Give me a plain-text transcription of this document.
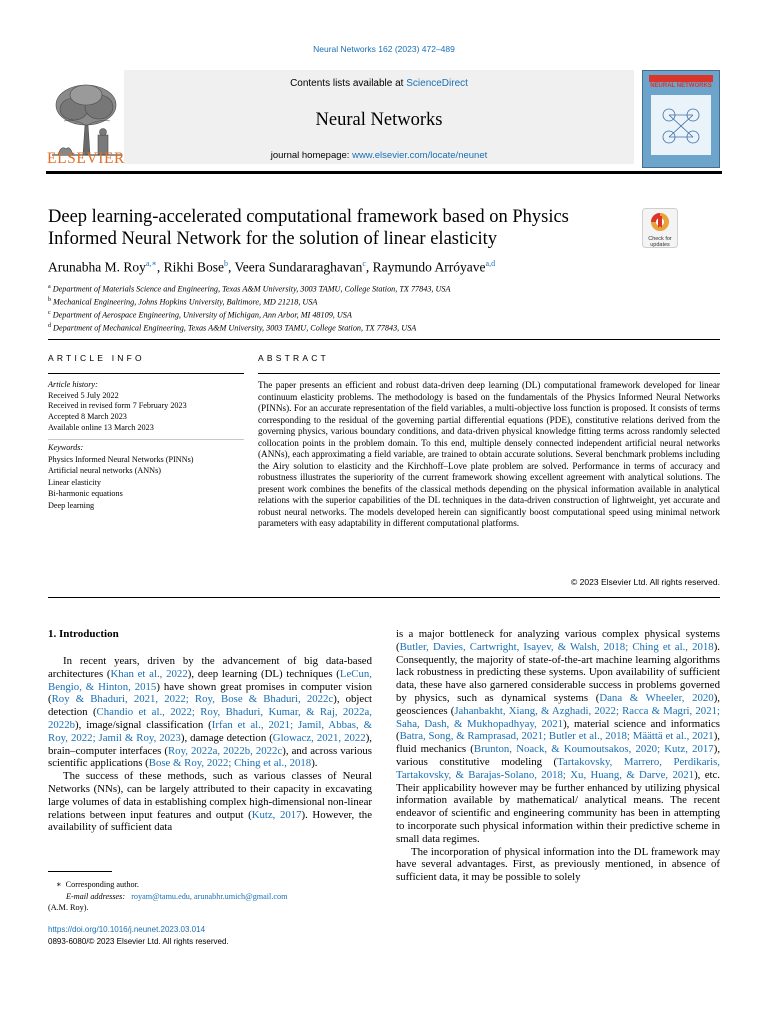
Neural Networks 162 (2023) 472–489
Contents lists available at ScienceDirect
Neural Networks
journal homepage: www.elsevier.com/locate/neunet
ELSEVIER
NEURAL NETWORKS
Deep learning-accelerated computational framework based on Physics Informed Neural Network for the solution of linear elasticity	Check for
updates
Arunabha M. Roy$^{a,∗}$, Rikhi Bose$^b$, Veera Sundararaghavan$^c$, Raymundo Arróyave$^{a,d}$
$^a$ Department of Materials Science and Engineering, Texas A&M University, 3003 TAMU, College Station, TX 77843, USA
$^b$ Mechanical Engineering, Johns Hopkins University, Baltimore, MD 21218, USA
$^c$ Department of Aerospace Engineering, University of Michigan, Ann Arbor, MI 48109, USA
$^d$ Department of Mechanical Engineering, Texas A&M University, 3003 TAMU, College Station, TX 77843, USA
ARTICLE INFO	ABSTRACT
Article history:
Received 5 July 2022
Received in revised form 7 February 2023
Accepted 8 March 2023
Available online 13 March 2023
Keywords:
Physics Informed Neural Networks (PINNs)
Artificial neural networks (ANNs)
Linear elasticity
Bi-harmonic equations
Deep learning
The paper presents an efficient and robust data-driven deep learning (DL) computational framework developed for linear continuum elasticity problems. The methodology is based on the fundamentals of the Physics Informed Neural Networks (PINNs). For an accurate representation of the field variables, a multi-objective loss function is proposed. It consists of terms corresponding to the residual of the governing partial differential equations (PDE), constitutive relations derived from the governing physics, various boundary conditions, and data-driven physical knowledge fitting terms across randomly selected collocation points in the problem domain. To this end, multiple densely connected independent artificial neural networks (ANNs), each approximating a field variable, are trained to obtain accurate solutions. Several benchmark problems including the Airy solution to elasticity and the Kirchhoff–Love plate problem are solved. Performance in terms of accuracy and robustness illustrates the superiority of the current framework showing excellent agreement with analytical solutions. The present work combines the benefits of the classical methods depending on the physical information available in analytical relations with the superior capabilities of the DL techniques in the data-driven construction of lightweight, yet accurate and robust neural networks. The models developed herein can significantly boost computational speed using minimal network parameters with easy adaptability in different computational platforms.
© 2023 Elsevier Ltd. All rights reserved.
1. Introduction

In recent years, driven by the advancement of big data-based architectures (Khan et al., 2022), deep learning (DL) techniques (LeCun, Bengio, & Hinton, 2015) have shown great promises in computer vision (Roy & Bhaduri, 2021, 2022; Roy, Bose & Bhaduri, 2022c), object detection (Chandio et al., 2022; Roy, Bhaduri, Kumar, & Raj, 2022a, 2022b), image/signal classification (Irfan et al., 2021; Jamil, Abbas, & Roy, 2022; Jamil & Roy, 2023), damage detection (Glowacz, 2021, 2022), brain–computer interfaces (Roy, 2022a, 2022b, 2022c), and across various scientific applications (Bose & Roy, 2022; Ching et al., 2018).

The success of these methods, such as various classes of Neural Networks (NNs), can be largely attributed to their capacity in excavating large volumes of data in establishing complex high-dimensional non-linear relations between input features and output (Kutz, 2017). However, the availability of sufficient data

is a major bottleneck for analyzing various complex physical systems (Butler, Davies, Cartwright, Isayev, & Walsh, 2018; Ching et al., 2018). Consequently, the majority of state-of-the-art machine learning algorithms lack robustness in predicting these systems. Upon availability of sufficient data, these have also garnered considerable success in problems governed by physics, such as dynamical systems (Dana & Wheeler, 2020), geosciences (Jahanbakht, Xiang, & Azghadi, 2022; Racca & Magri, 2021; Saha, Dash, & Mukhopadhyay, 2021), material science and informatics (Batra, Song, & Ramprasad, 2021; Butler et al., 2018; Määttä et al., 2021), fluid mechanics (Brunton, Noack, & Koumoutsakos, 2020; Kutz, 2017), various constitutive modeling (Tartakovsky, Marrero, Perdikaris, Tartakovsky, & Barajas-Solano, 2018; Xu, Huang, & Darve, 2021), etc. Their applicability however may be further enhanced by utilizing physical information available by mathematical/ analytical means. The recent endeavor of scientific and engineering community has been in attempting to incorporate such physical information within their predictive scheme in small data regimes.

The incorporation of physical information into the DL framework may have several advantages. First, as previously mentioned, in absence of sufficient data, it may be possible to solely

∗ Corresponding author.
E-mail addresses: royam@tamu.edu, arunabhr.umich@gmail.com
(A.M. Roy).
https://doi.org/10.1016/j.neunet.2023.03.014
0893-6080/© 2023 Elsevier Ltd. All rights reserved.
